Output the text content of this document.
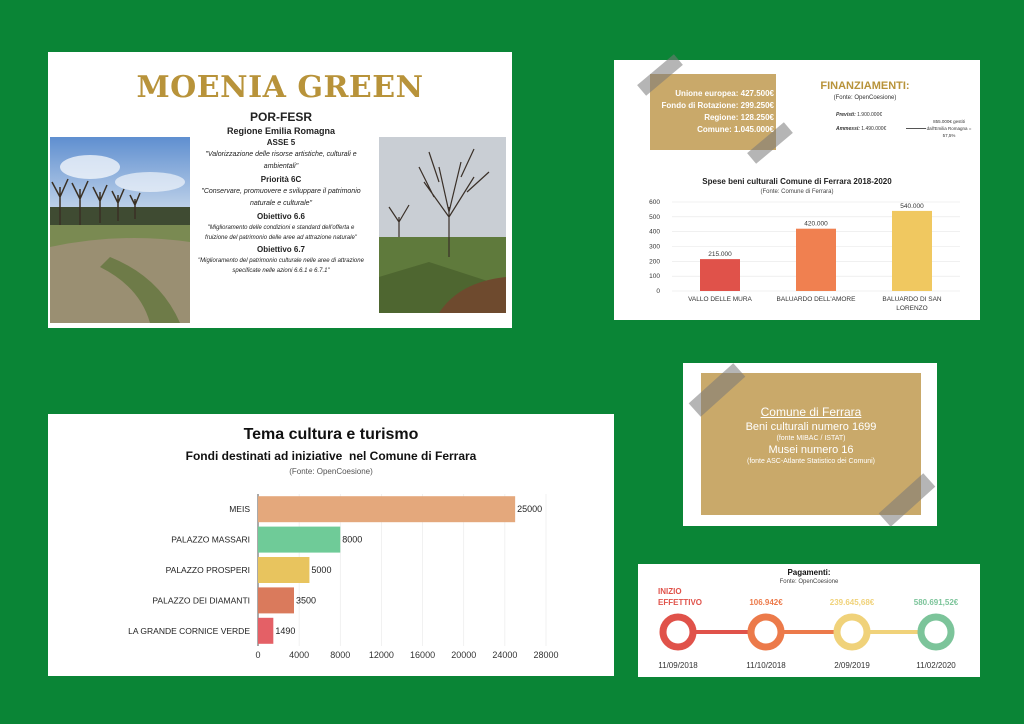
MOENIA GREEN
POR-FESR
Regione Emilia Romagna
ASSE 5
"Valorizzazione delle risorse artistiche, culturali e ambientali"
Priorità 6C
"Conservare, promuovere e sviluppare il patrimonio naturale e culturale"
Obiettivo 6.6
"Miglioramento delle condizioni e standard dell'offerta e fruizione del patrimonio delle aree ad attrazione naturale"
Obiettivo 6.7
"Miglioramento del patrimonio culturale nelle aree di attrazione specificate nelle azioni 6.6.1 e 6.7.1"
Unione europea: 427.500€
Fondo di Rotazione: 299.250€
Regione: 128.250€
Comune: 1.045.000€
FINANZIAMENTI:
(Fonte: OpenCoesione)
Previsti: 1.900.000€
Ammessi: 1.490.000€
855.000€ gestiti dall'Emilia Romagna = 57,5%
Spese beni culturali Comune di Ferrara 2018-2020
(Fonte: Comune di Ferrara)
0
100
200
300
400
500
600
215.000
VALLO DELLE MURA
420.000
BALUARDO DELL'AMORE
540.000
BALUARDO DI SAN
LORENZO
Tema cultura e turismo
Fondi destinati ad iniziative  nel Comune di Ferrara
(Fonte: OpenCoesione)
0	4000 8000 12000 16000 20000 24000 28000
25000
MEIS
8000
PALAZZO MASSARI
5000
PALAZZO PROSPERI
3500
PALAZZO DEI DIAMANTI
1490
LA GRANDE CORNICE VERDE
Comune di Ferrara
Beni culturali numero 1699
(fonte MIBAC / ISTAT)
Musei numero 16
(fonte ASC-Atlante Statistico dei Comuni)
Pagamenti:
Fonte: OpenCoesione
INIZIO
EFFETTIVO
11/09/2018
106.942€
11/10/2018
239.645,68€
2/09/2019
580.691,52€
11/02/2020
